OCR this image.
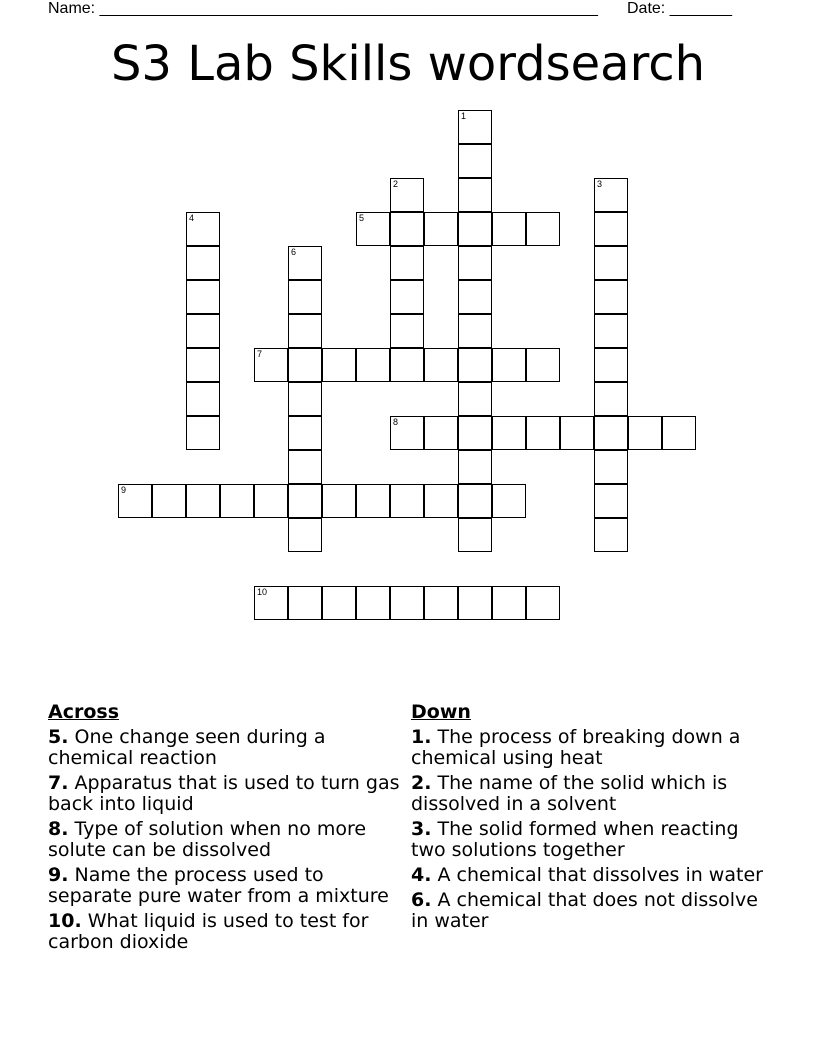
Name: ________________________________________________________ Date: _______
S3 Lab Skills wordsearch
1
2	3
4	5
6
7
8
9
10
Across
5. One change seen during a chemical reaction
7. Apparatus that is used to turn gas back into liquid
8. Type of solution when no more solute can be dissolved
9. Name the process used to separate pure water from a mixture
10. What liquid is used to test for carbon dioxide
Down
1. The process of breaking down a chemical using heat
2. The name of the solid which is dissolved in a solvent
3. The solid formed when reacting two solutions together
4. A chemical that dissolves in water
6. A chemical that does not dissolve in water
